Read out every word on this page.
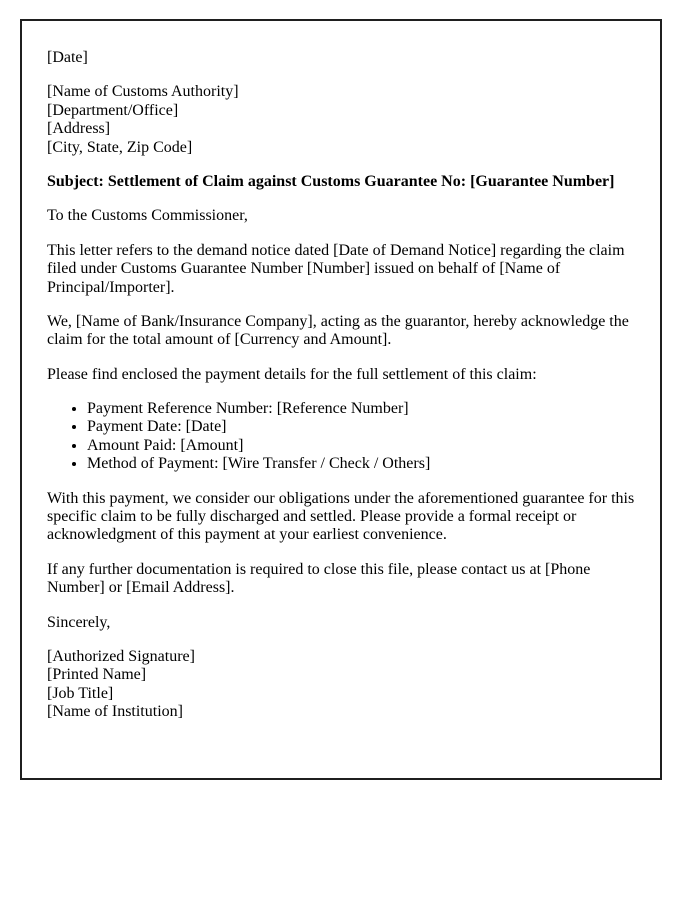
[Date]

[Name of Customs Authority]
[Department/Office]
[Address]
[City, State, Zip Code]

Subject: Settlement of Claim against Customs Guarantee No: [Guarantee Number]

To the Customs Commissioner,

This letter refers to the demand notice dated [Date of Demand Notice] regarding the claim filed under Customs Guarantee Number [Number] issued on behalf of [Name of Principal/Importer].

We, [Name of Bank/Insurance Company], acting as the guarantor, hereby acknowledge the claim for the total amount of [Currency and Amount].

Please find enclosed the payment details for the full settlement of this claim:

• Payment Reference Number: [Reference Number]
• Payment Date: [Date]
• Amount Paid: [Amount]
• Method of Payment: [Wire Transfer / Check / Others]

With this payment, we consider our obligations under the aforementioned guarantee for this specific claim to be fully discharged and settled. Please provide a formal receipt or acknowledgment of this payment at your earliest convenience.

If any further documentation is required to close this file, please contact us at [Phone Number] or [Email Address].

Sincerely,

[Authorized Signature]
[Printed Name]
[Job Title]
[Name of Institution]
